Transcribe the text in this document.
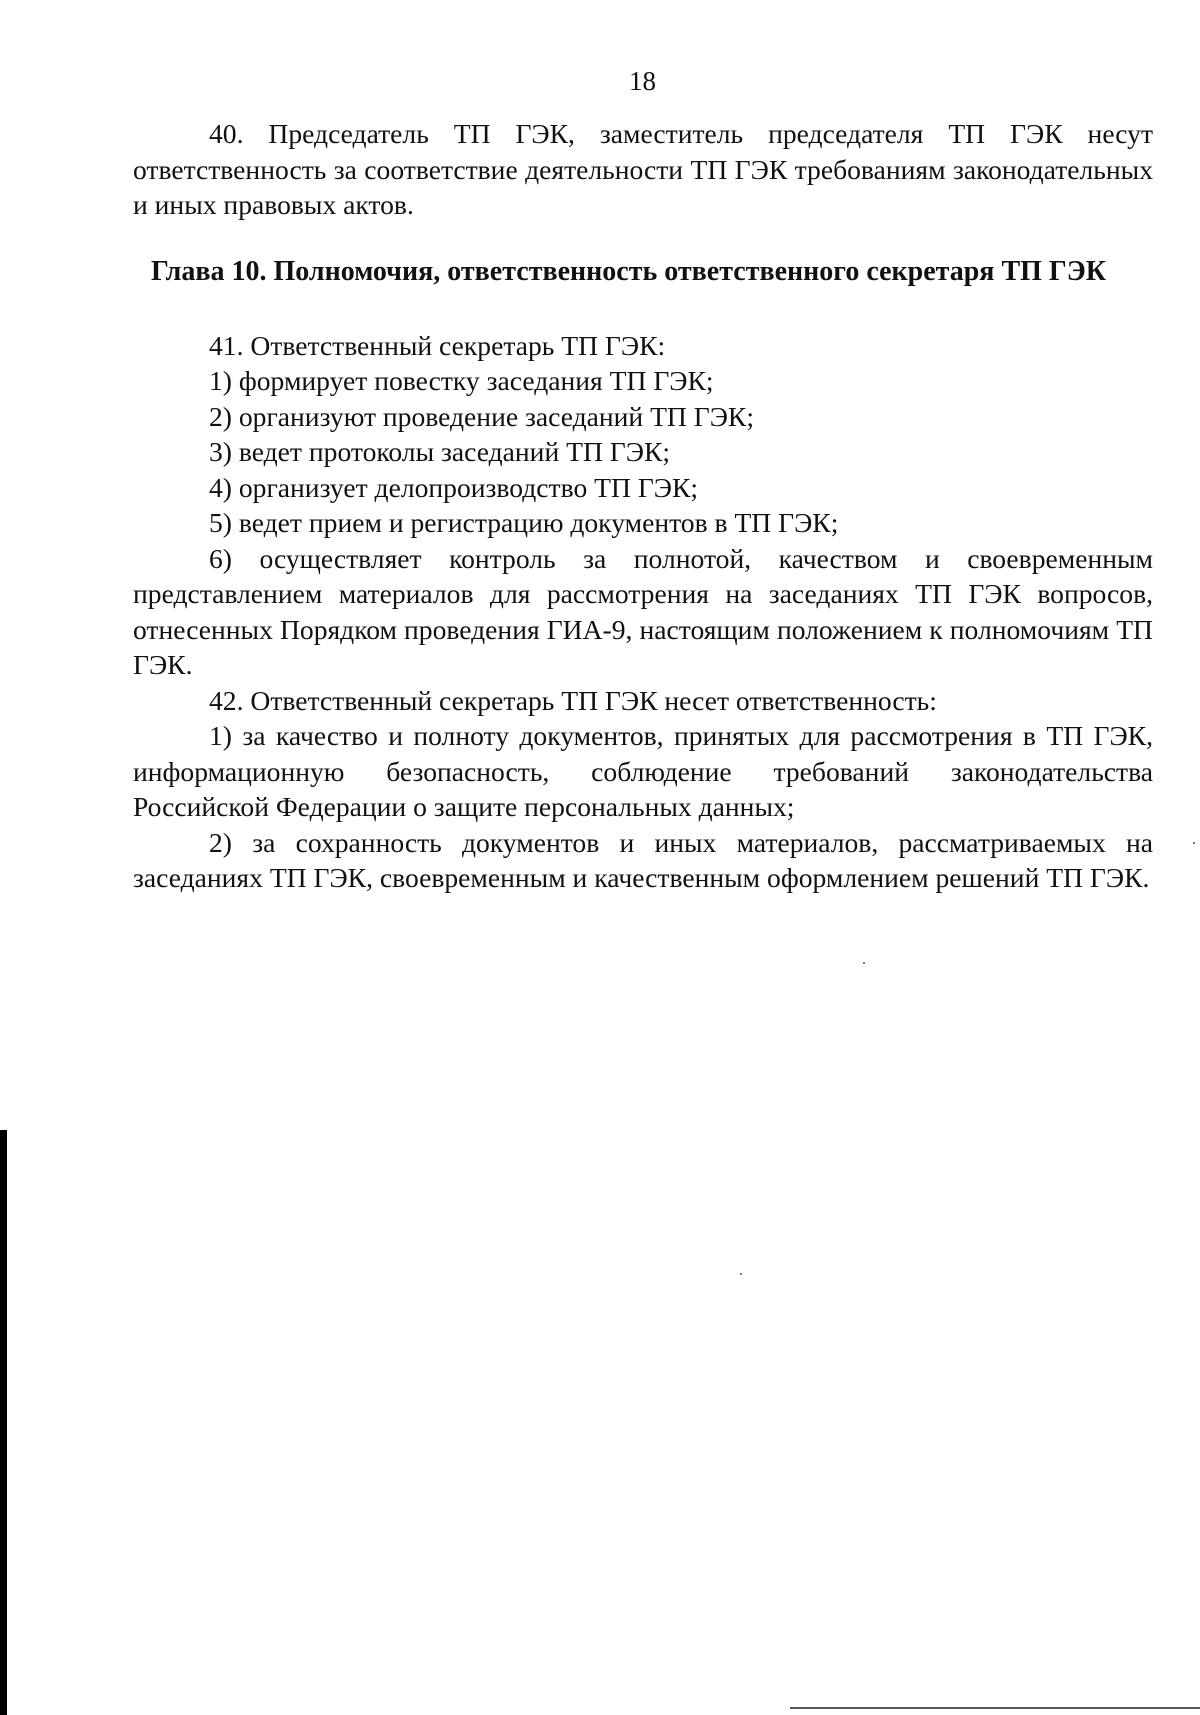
18

40. Председатель ТП ГЭК, заместитель председателя ТП ГЭК несут ответственность за соответствие деятельности ТП ГЭК требованиям законодательных и иных правовых актов.

Глава 10. Полномочия, ответственность ответственного секретаря ТП ГЭК

41. Ответственный секретарь ТП ГЭК:

1) формирует повестку заседания ТП ГЭК;

2) организуют проведение заседаний ТП ГЭК;

3) ведет протоколы заседаний ТП ГЭК;

4) организует делопроизводство ТП ГЭК;

5) ведет прием и регистрацию документов в ТП ГЭК;

6) осуществляет контроль за полнотой, качеством и своевременным представлением материалов для рассмотрения на заседаниях ТП ГЭК вопросов, отнесенных Порядком проведения ГИА-9, настоящим положением к полномочиям ТП ГЭК.

42. Ответственный секретарь ТП ГЭК несет ответственность:

1) за качество и полноту документов, принятых для рассмотрения в ТП ГЭК, информационную безопасность, соблюдение требований законодательства Российской Федерации о защите персональных данных;

2) за сохранность документов и иных материалов, рассматриваемых на заседаниях ТП ГЭК, своевременным и качественным оформлением решений ТП ГЭК.
